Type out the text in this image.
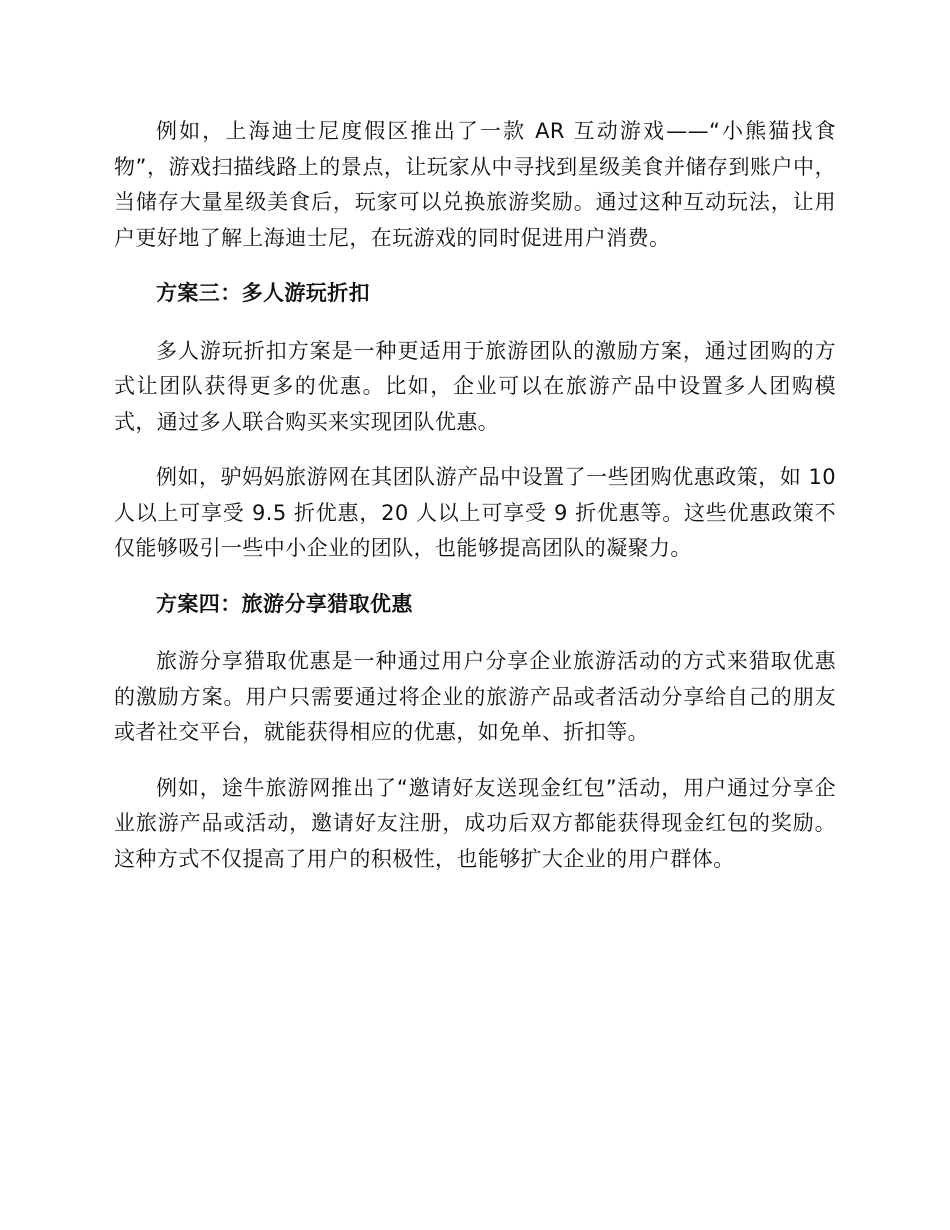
例如，上海迪士尼度假区推出了一款 AR 互动游戏——“小熊猫找食物”，游戏扫描线路上的景点，让玩家从中寻找到星级美食并储存到账户中，当储存大量星级美食后，玩家可以兑换旅游奖励。通过这种互动玩法，让用户更好地了解上海迪士尼，在玩游戏的同时促进用户消费。

方案三：多人游玩折扣

多人游玩折扣方案是一种更适用于旅游团队的激励方案，通过团购的方式让团队获得更多的优惠。比如，企业可以在旅游产品中设置多人团购模式，通过多人联合购买来实现团队优惠。

例如，驴妈妈旅游网在其团队游产品中设置了一些团购优惠政策，如 10 人以上可享受 9.5 折优惠，20 人以上可享受 9 折优惠等。这些优惠政策不仅能够吸引一些中小企业的团队，也能够提高团队的凝聚力。

方案四：旅游分享猎取优惠

旅游分享猎取优惠是一种通过用户分享企业旅游活动的方式来猎取优惠的激励方案。用户只需要通过将企业的旅游产品或者活动分享给自己的朋友或者社交平台，就能获得相应的优惠，如免单、折扣等。

例如，途牛旅游网推出了“邀请好友送现金红包”活动，用户通过分享企业旅游产品或活动，邀请好友注册，成功后双方都能获得现金红包的奖励。这种方式不仅提高了用户的积极性，也能够扩大企业的用户群体。
